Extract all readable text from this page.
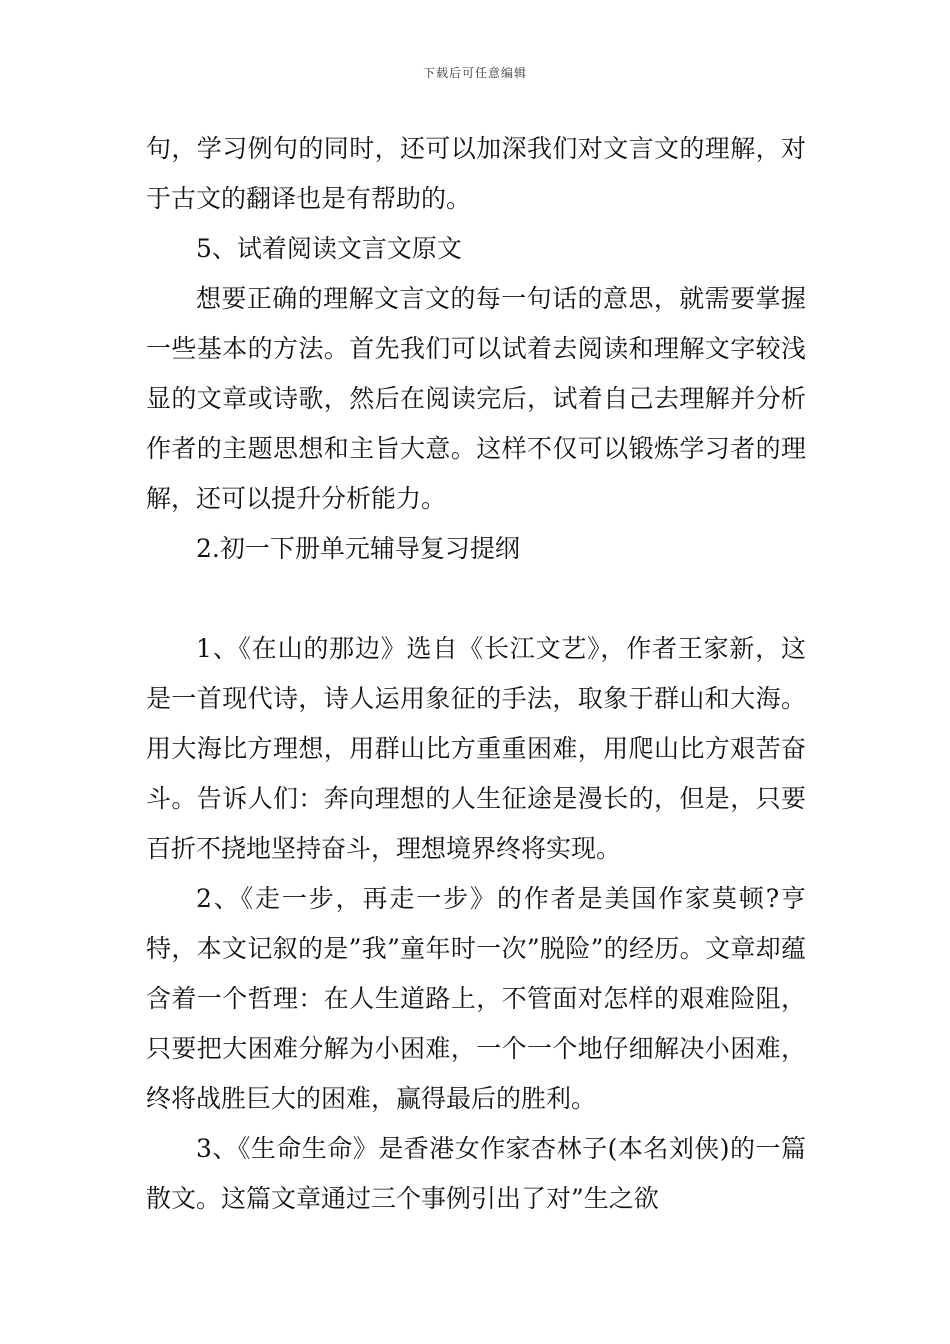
下载后可任意编辑

句，学习例句的同时，还可以加深我们对文言文的理解，对于古文的翻译也是有帮助的。

5、试着阅读文言文原文

想要正确的理解文言文的每一句话的意思，就需要掌握一些基本的方法。首先我们可以试着去阅读和理解文字较浅显的文章或诗歌，然后在阅读完后，试着自己去理解并分析作者的主题思想和主旨大意。这样不仅可以锻炼学习者的理解，还可以提升分析能力。

2.初一下册单元辅导复习提纲

1、《在山的那边》选自《长江文艺》，作者王家新，这是一首现代诗，诗人运用象征的手法，取象于群山和大海。用大海比方理想，用群山比方重重困难，用爬山比方艰苦奋斗。告诉人们：奔向理想的人生征途是漫长的，但是，只要百折不挠地坚持奋斗，理想境界终将实现。

2、《走一步，再走一步》的作者是美国作家莫顿?亨特，本文记叙的是”我”童年时一次”脱险”的经历。文章却蕴含着一个哲理：在人生道路上，不管面对怎样的艰难险阻，只要把大困难分解为小困难，一个一个地仔细解决小困难，终将战胜巨大的困难，赢得最后的胜利。

3、《生命生命》是香港女作家杏林子(本名刘侠)的一篇散文。这篇文章通过三个事例引出了对”生之欲
